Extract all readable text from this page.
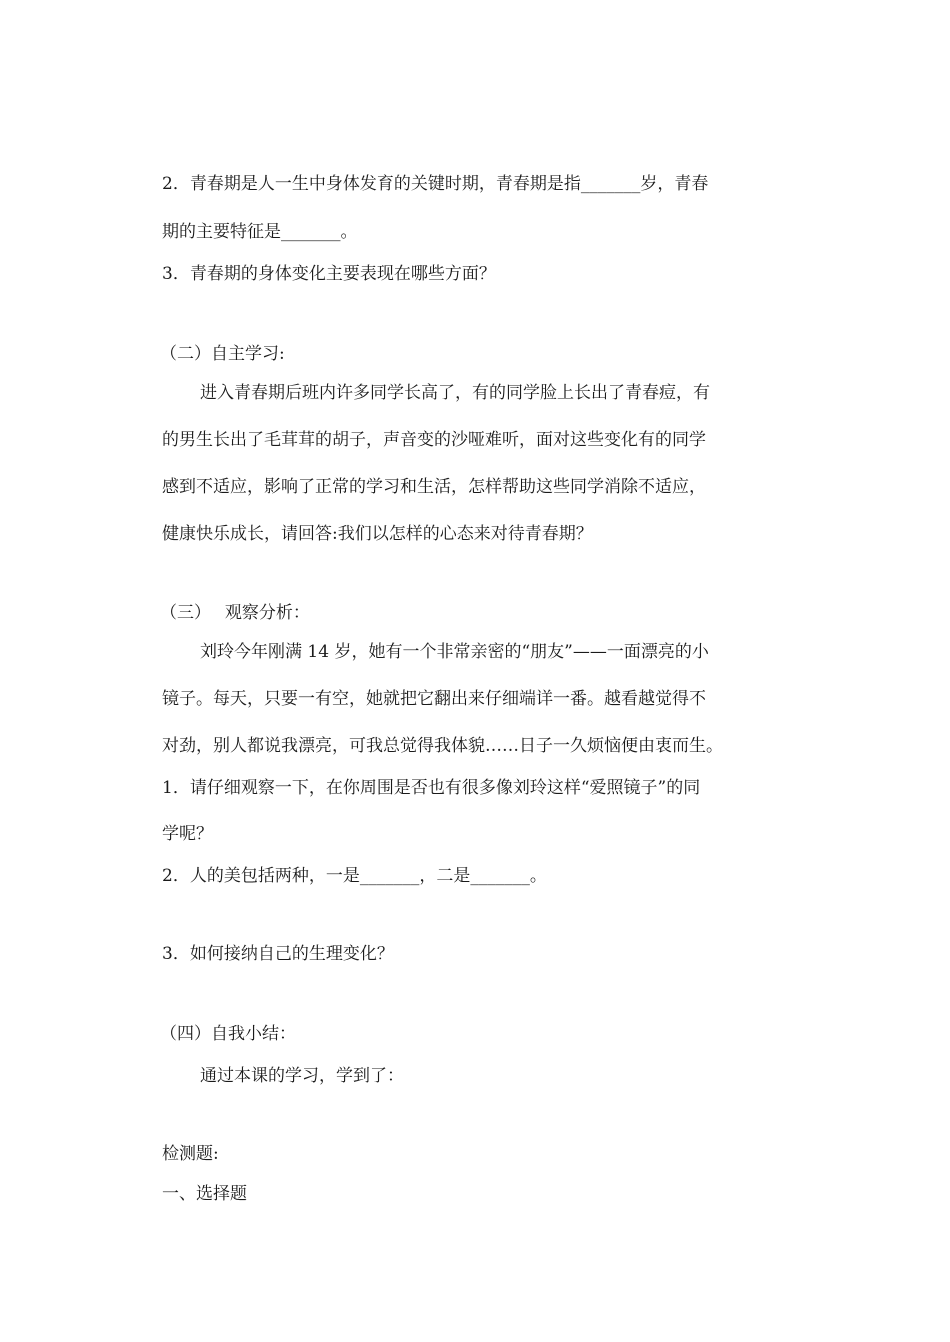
2．青春期是人一生中身体发育的关键时期，青春期是指_______岁，青春
期的主要特征是_______。
3．青春期的身体变化主要表现在哪些方面？
（二）自主学习:
进入青春期后班内许多同学长高了，有的同学脸上长出了青春痘，有
的男生长出了毛茸茸的胡子，声音变的沙哑难听，面对这些变化有的同学
感到不适应，影响了正常的学习和生活，怎样帮助这些同学消除不适应，
健康快乐成长，请回答:我们以怎样的心态来对待青春期？
（三）　 观察分析：
刘玲今年刚满 14 岁，她有一个非常亲密的“朋友”——一面漂亮的小
镜子。每天，只要一有空，她就把它翻出来仔细端详一番。越看越觉得不
对劲，别人都说我漂亮，可我总觉得我体貌……日子一久烦恼便由衷而生。
1．请仔细观察一下，在你周围是否也有很多像刘玲这样“爱照镜子”的同
学呢？
2．人的美包括两种，一是_______，二是_______。
3．如何接纳自己的生理变化？
（四）自我小结：
通过本课的学习，学到了：
检测题:
一、选择题
